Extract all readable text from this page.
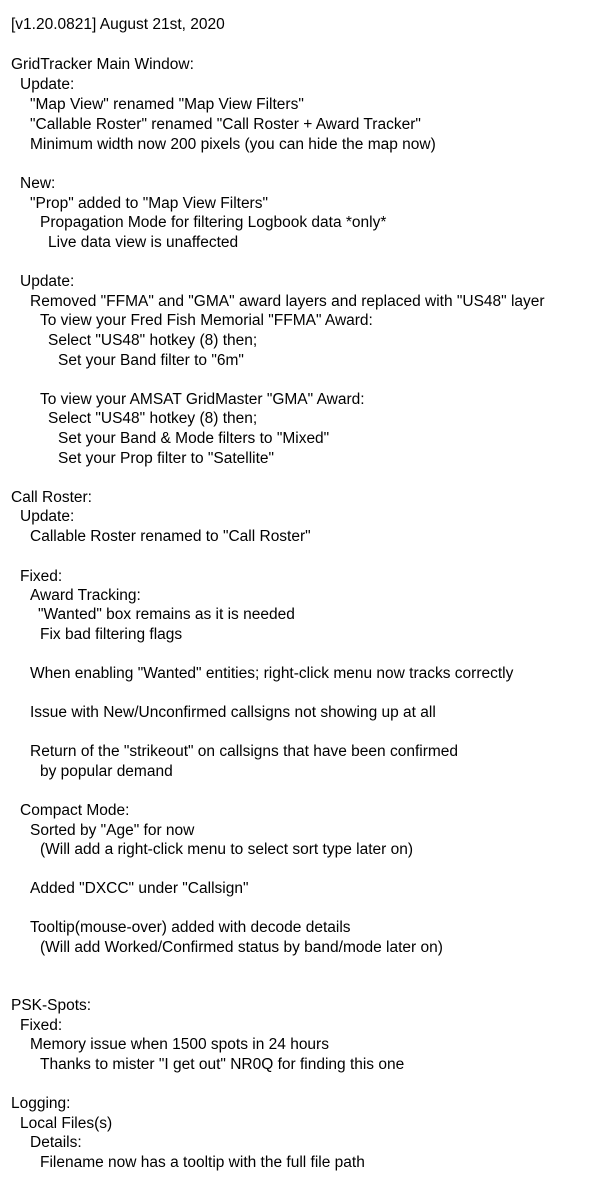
[v1.20.0821] August 21st, 2020

GridTracker Main Window:

Update:

"Map View" renamed "Map View Filters"

"Callable Roster" renamed "Call Roster + Award Tracker"

Minimum width now 200 pixels (you can hide the map now)

New:

"Prop" added to "Map View Filters"

Propagation Mode for filtering Logbook data *only*

Live data view is unaffected

Update:

Removed "FFMA" and "GMA" award layers and replaced with "US48" layer

To view your Fred Fish Memorial "FFMA" Award:

Select "US48" hotkey (8) then;

Set your Band filter to "6m"

To view your AMSAT GridMaster "GMA" Award:

Select "US48" hotkey (8) then;

Set your Band & Mode filters to "Mixed"

Set your Prop filter to "Satellite"

Call Roster:

Update:

Callable Roster renamed to "Call Roster"

Fixed:

Award Tracking:

"Wanted" box remains as it is needed

Fix bad filtering flags

When enabling "Wanted" entities; right-click menu now tracks correctly

Issue with New/Unconfirmed callsigns not showing up at all

Return of the "strikeout" on callsigns that have been confirmed

by popular demand

Compact Mode:

Sorted by "Age" for now

(Will add a right-click menu to select sort type later on)

Added "DXCC" under "Callsign"

Tooltip(mouse-over) added with decode details

(Will add Worked/Confirmed status by band/mode later on)

PSK-Spots:

Fixed:

Memory issue when 1500 spots in 24 hours

Thanks to mister "I get out" NR0Q for finding this one

Logging:

Local Files(s)

Details:

Filename now has a tooltip with the full file path
